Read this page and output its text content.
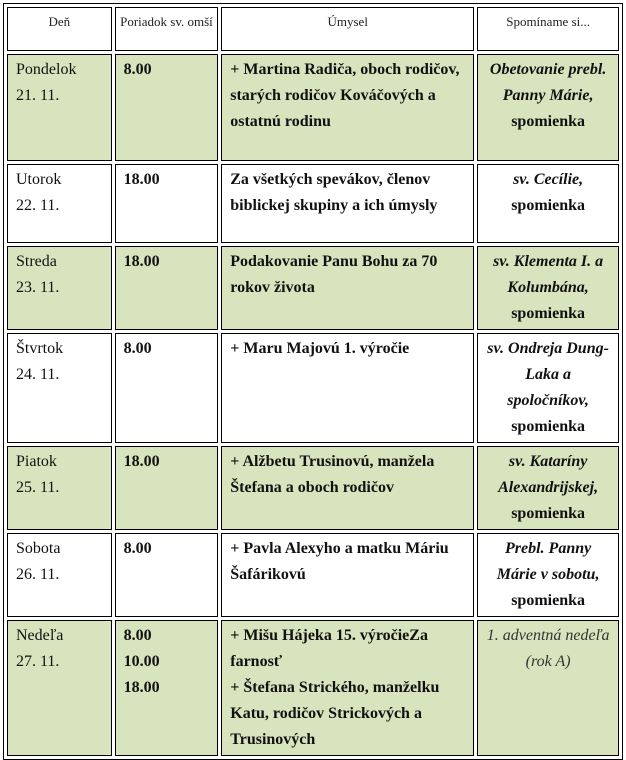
Deň	Poriadok sv. omší	Úmysel	Spomíname si...

Pondelok
21. 11.	8.00	+ Martina Radiča, oboch rodičov, starých rodičov Kováčových a ostatnú rodinu	Obetovanie prebl. Panny Márie,
spomienka

Utorok
22. 11.	18.00	Za všetkých spevákov, členov biblickej skupiny a ich úmysly	sv. Cecílie,
spomienka

Streda
23. 11.	18.00	Podakovanie Panu Bohu za 70 rokov života	sv. Klementa I. a Kolumbána,
spomienka

Štvrtok
24. 11.	8.00	+ Maru Majovú 1. výročie	sv. Ondreja Dung-Laka a spoločníkov,
spomienka

Piatok
25. 11.	18.00	+ Alžbetu Trusinovú, manžela Štefana a oboch rodičov	sv. Kataríny Alexandrijskej,
spomienka

Sobota
26. 11.	8.00	+ Pavla Alexyho a matku Máriu Šafárikovú	Prebl. Panny Márie v sobotu,
spomienka

Nedeľa
27. 11.	8.00
10.00
18.00	+ Mišu Hájeka 15. výročieZa farnosť
+ Štefana Strického, manželku Katu, rodičov Strickových a Trusinových	1. adventná nedeľa (rok A)
